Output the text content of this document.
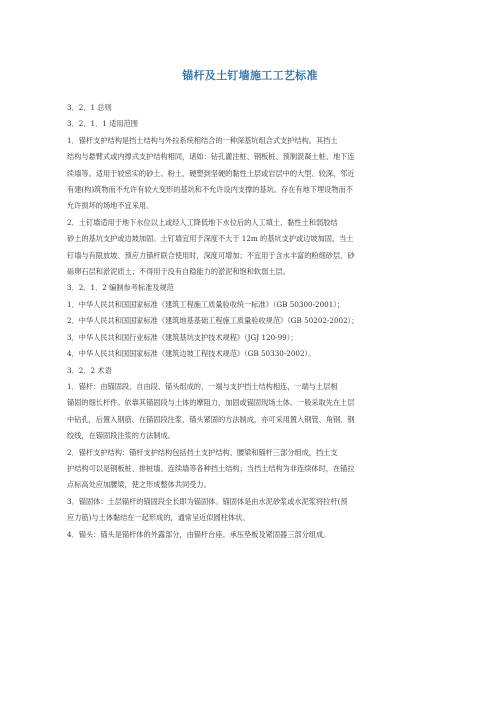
锚杆及土钉墙施工工艺标准

3．2．1 总则

3．2．1．1 适用范围

1．锚杆支护结构是挡土结构与外拉系统相结合的一种深基坑组合式支护结构。其挡土

结构与悬臂式或内撑式支护结构相同，诸如：钻孔灌注桩、钢板桩、预制混凝土桩、地下连

续墙等。适用于较密实的砂土、粉土、硬塑到坚硬的黏性土层或岩层中的大型、较深、邻近

有建(构)筑物而不允许有较大变形的基坑和不允许设内支撑的基坑。存在有地下埋设物而不

允许损坏的场地不宜采用。

2．土钉墙适用于地下水位以上或经人工降低地下水位后的人工填土、黏性土和弱胶结

砂土的基坑支护或边坡加固。土钉墙宜用于深度不大于 12m 的基坑支护或边坡加固，当土

钉墙与有限放坡、预应力锚杆联合使用时，深度可增加；不宜用于含水丰富的粉细砂层、砂

砾卵石层和淤泥质土；不得用于没有自稳能力的淤泥和饱和软弱土层。

3．2．1．2 编制参考标准及规范

1．中华人民共和国国家标准《建筑工程施工质量验收统一标准》（GB 50300-2001）；

2．中华人民共和国国家标准《建筑地基基础工程施工质量验收规范》（GB 50202-2002）；

3．中华人民共和国行业标准《建筑基坑支护技术规程》（JGJ 120-99）；

4．中华人民共和国国家标准《建筑边坡工程技术规范》（GB 50330-2002）。

3．2．2 术语

1．锚杆：由锚固段、自由段、锚头组成的，一端与支护挡土结构相连，一端与土层相

锚固的细长杆件。依靠其锚固段与土体的摩阻力，加固或锚固现场土体。一般采取先在土层

中钻孔，后置入钢筋、在锚固段注浆、锚头紧固的方法制成，亦可采用置入钢管、角钢、钢

绞线，在锚固段注浆的方法制成。

2．锚杆支护结构：锚杆支护结构包括挡土支护结构、腰梁和锚杆三部分组成，挡土支

护结构可以是钢板桩、排桩墙、连续墙等各种挡土结构；当挡土结构为非连续体时，在锚拉

点标高处应加腰梁，使之形成整体共同受力。

3．锚固体：土层锚杆的锚固段全长即为锚固体。锚固体是由水泥砂浆或水泥浆将拉杆(预

应力筋)与土体黏结在一起形成的，通常呈近似圆柱体状。

4．锚头：锚头是锚杆体的外露部分，由锚杆台座、承压垫板及紧固器三部分组成。
